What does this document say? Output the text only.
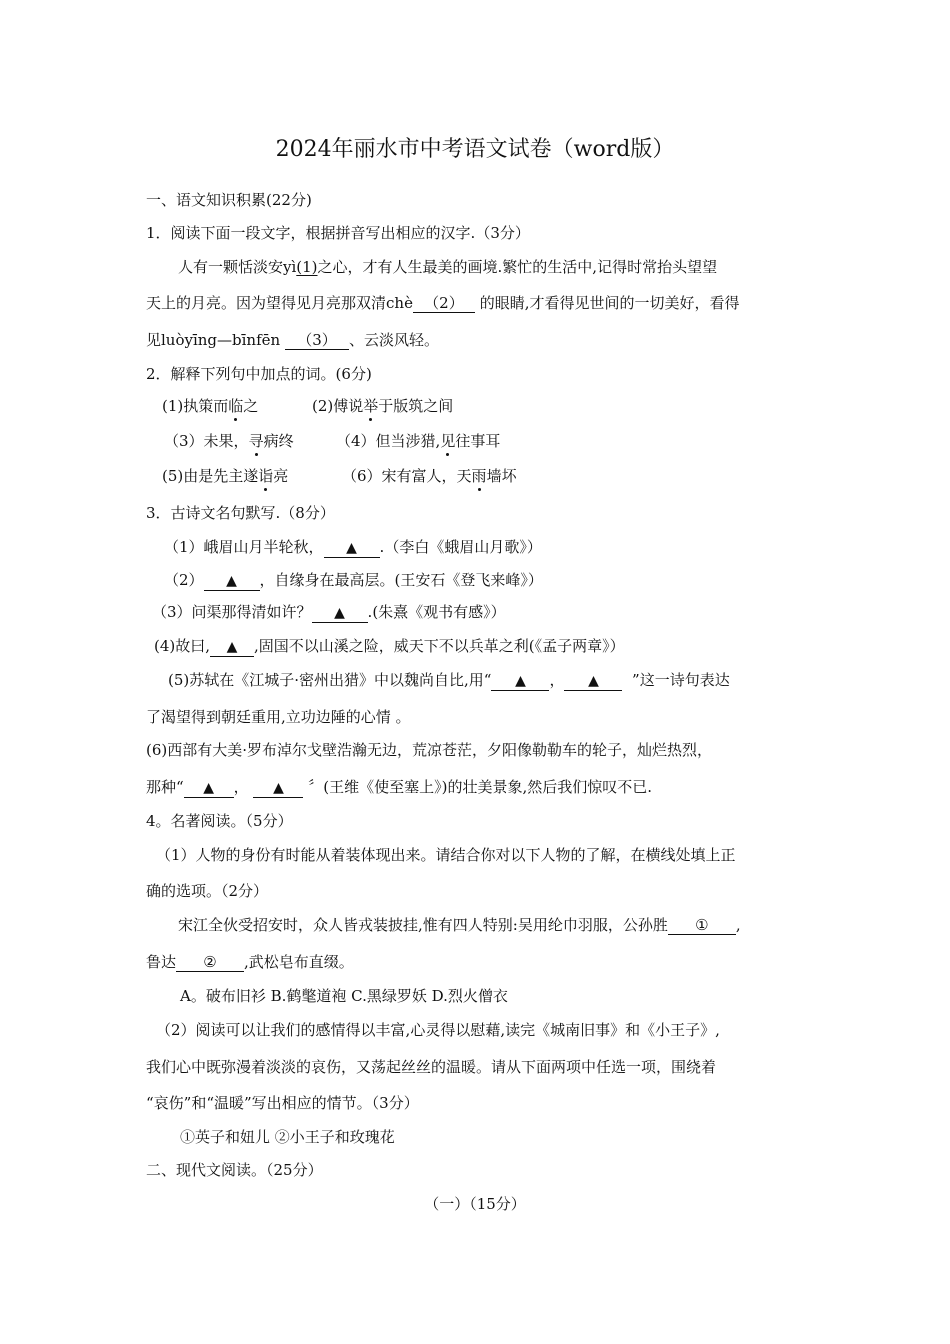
2024年丽水市中考语文试卷（word版）
一、语文知识积累(22分)
1．阅读下面一段文字，根据拼音写出相应的汉字.（3分）
人有一颗恬淡安yì(1)之心，才有人生最美的画境.繁忙的生活中,记得时常抬头望望
天上的月亮。因为望得见月亮那双清chè （2） 的眼睛,才看得见世间的一切美好，看得
见luòyīng—bīnfēn （3） 、云淡风轻。
2．解释下列句中加点的词。(6分)
(1)执策而临之	(2)傅说举于版筑之间
（3）未果，寻病终	（4）但当涉猎,见往事耳
(5)由是先主遂诣亮	（6）宋有富人，天雨墙坏
3．古诗文名句默写.（8分）
（1）峨眉山月半轮秋， ▲ .（李白《蛾眉山月歌》）
（2） ▲ ，自缘身在最高层。(王安石《登飞来峰》）
（3）问渠那得清如许？ ▲ .(朱熹《观书有感》）
(4)故曰, ▲ ,固国不以山溪之险，威天下不以兵革之利(《孟子两章》）
(5)苏轼在《江城子·密州出猎》中以魏尚自比,用“ ▲ ， ▲ ”这一诗句表达
了渴望得到朝廷重用,立功边陲的心情 。
(6)西部有大美·罗布淖尔戈壁浩瀚无边，荒凉苍茫，夕阳像勒勒车的轮子，灿烂热烈，
那种“ ▲ ， ▲ 〞(王维《使至塞上》)的壮美景象,然后我们惊叹不已.
4。名著阅读。（5分）
（1）人物的身份有时能从着装体现出来。请结合你对以下人物的了解，在横线处填上正
确的选项。（2分）
宋江全伙受招安时，众人皆戎装披挂,惟有四人特别:吴用纶巾羽服，公孙胜 ① ,
鲁达 ② ,武松皂布直缀。
A。破布旧衫 B.鹤氅道袍 C.黑绿罗妖 D.烈火僧衣
（2）阅读可以让我们的感情得以丰富,心灵得以慰藉,读完《城南旧事》和《小王子》,
我们心中既弥漫着淡淡的哀伤，又荡起丝丝的温暖。请从下面两项中任选一项，围绕着
“哀伤”和“温暖”写出相应的情节。（3分）
①英子和妞儿 ②小王子和玫瑰花
二、现代文阅读。（25分）
（一）（15分）
